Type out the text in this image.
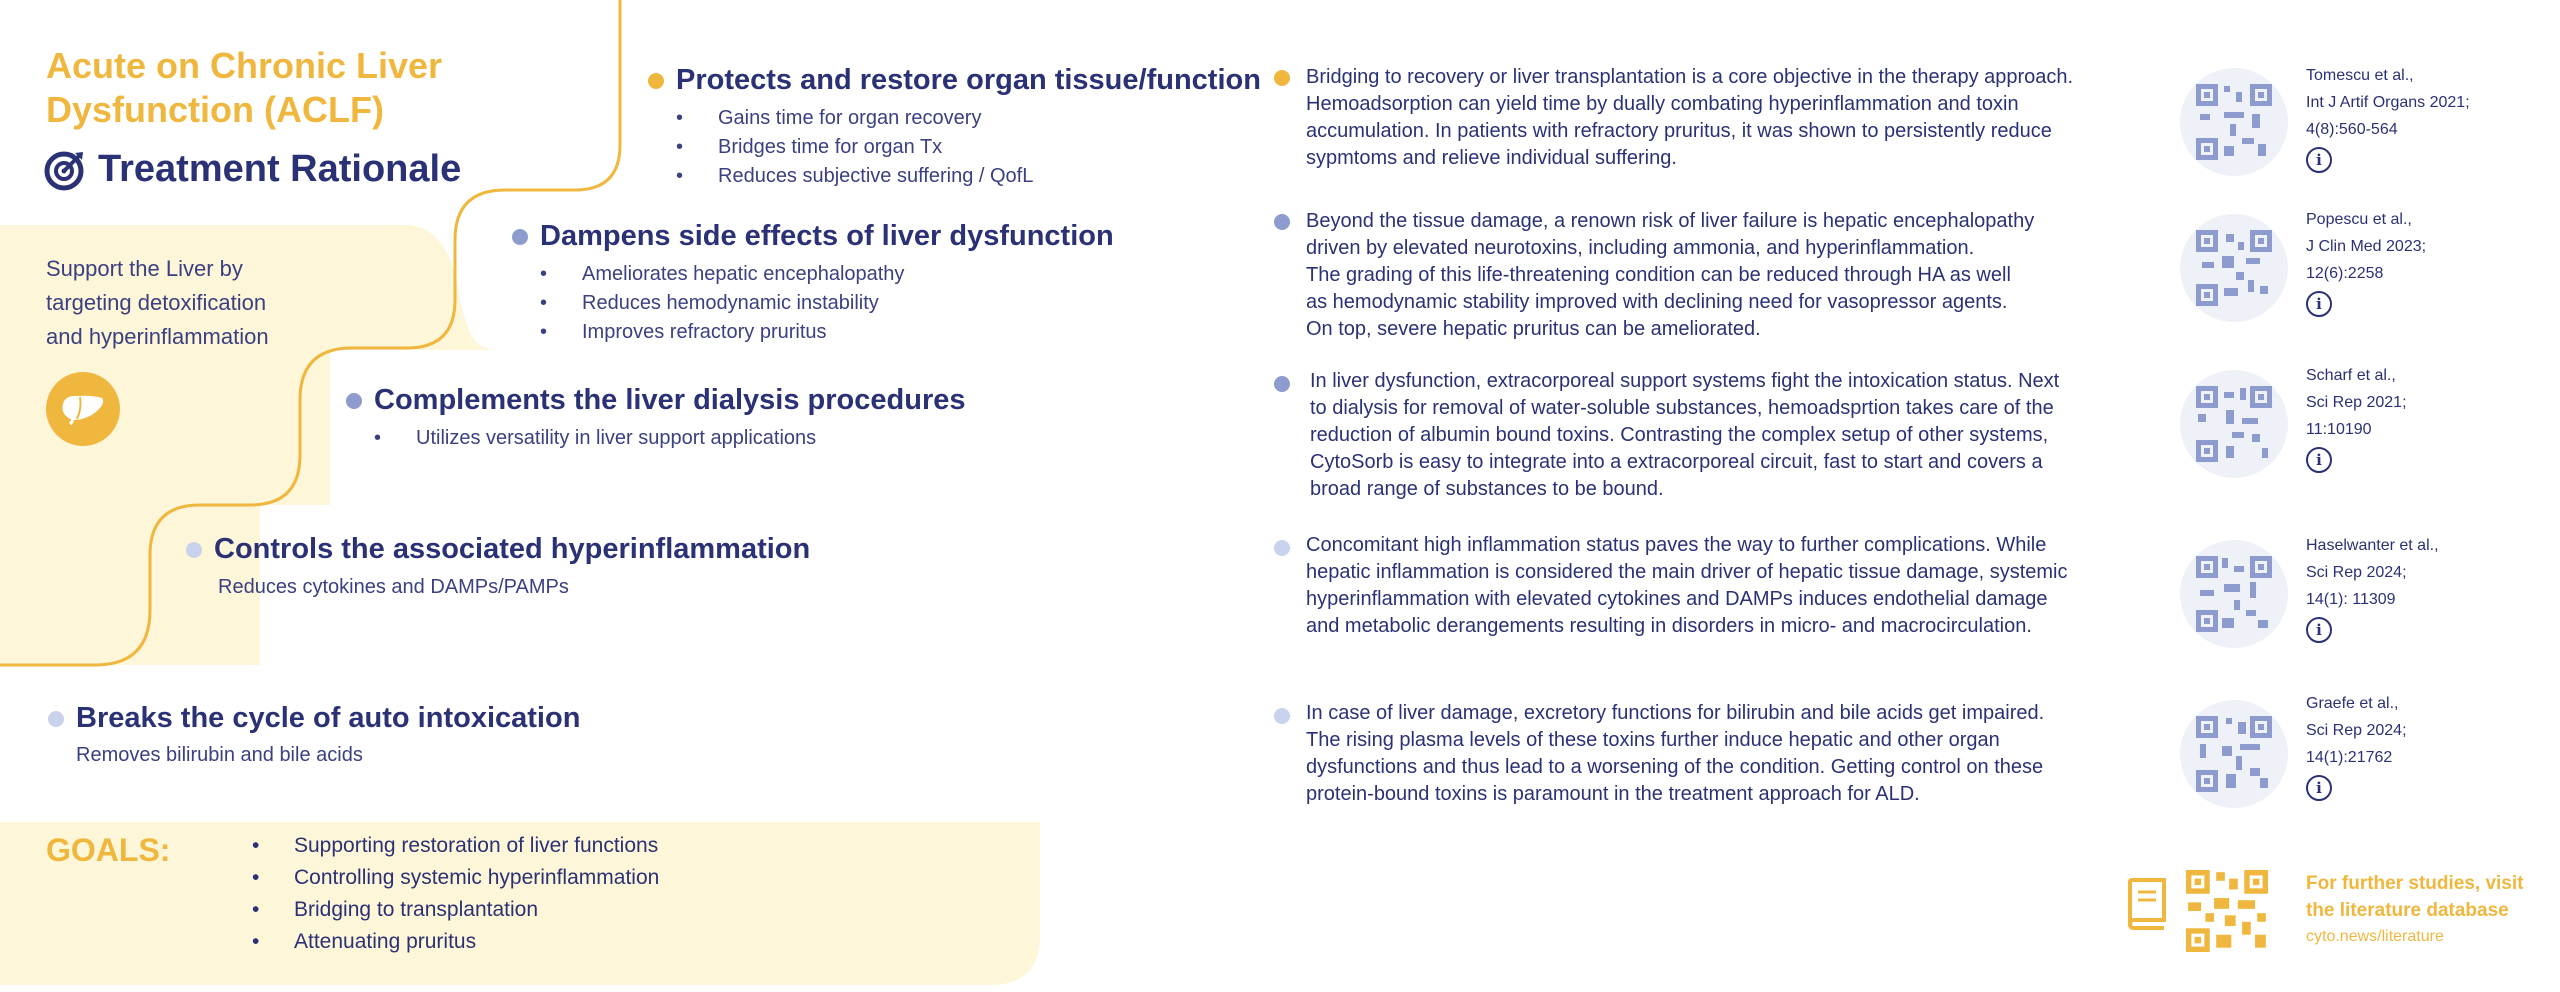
Acute on Chronic Liver
Dysfunction (ACLF)
Treatment Rationale
Support the Liver by
targeting detoxification
and hyperinflammation
Protects and restore organ tissue/function
• Gains time for organ recovery
• Bridges time for organ Tx
• Reduces subjective suffering / QofL
Dampens side effects of liver dysfunction
• Ameliorates hepatic encephalopathy
• Reduces hemodynamic instability
• Improves refractory pruritus
Complements the liver dialysis procedures
• Utilizes versatility in liver support applications
Controls the associated hyperinflammation
Reduces cytokines and DAMPs/PAMPs
Breaks the cycle of auto intoxication
Removes bilirubin and bile acids
GOALS:	• Supporting restoration of liver functions
• Controlling systemic hyperinflammation
• Bridging to transplantation
• Attenuating pruritus
Bridging to recovery or liver transplantation is a core objective in the therapy approach.
Hemoadsorption can yield time by dually combating hyperinflammation and toxin
accumulation. In patients with refractory pruritus, it was shown to persistently reduce
sypmtoms and relieve individual suffering.
Tomescu et al.,
Int J Artif Organs 2021;
4(8):560-564
i
Beyond the tissue damage, a renown risk of liver failure is hepatic encephalopathy
driven by elevated neurotoxins, including ammonia, and hyperinflammation.
The grading of this life-threatening condition can be reduced through HA as well
as hemodynamic stability improved with declining need for vasopressor agents.
On top, severe hepatic pruritus can be ameliorated.
Popescu et al.,
J Clin Med 2023;
12(6):2258
i
In liver dysfunction, extracorporeal support systems fight the intoxication status. Next
to dialysis for removal of water-soluble substances, hemoadsprtion takes care of the
reduction of albumin bound toxins. Contrasting the complex setup of other systems,
CytoSorb is easy to integrate into a extracorporeal circuit, fast to start and covers a
broad range of substances to be bound.
Scharf et al.,
Sci Rep 2021;
11:10190
i
Concomitant high inflammation status paves the way to further complications. While
hepatic inflammation is considered the main driver of hepatic tissue damage, systemic
hyperinflammation with elevated cytokines and DAMPs induces endothelial damage
and metabolic derangements resulting in disorders in micro- and macrocirculation.
Haselwanter et al.,
Sci Rep 2024;
14(1): 11309
i
In case of liver damage, excretory functions for bilirubin and bile acids get impaired.
The rising plasma levels of these toxins further induce hepatic and other organ
dysfunctions and thus lead to a worsening of the condition. Getting control on these
protein-bound toxins is paramount in the treatment approach for ALD.
Graefe et al.,
Sci Rep 2024;
14(1):21762
i
For further studies, visit
the literature database
cyto.news/literature
